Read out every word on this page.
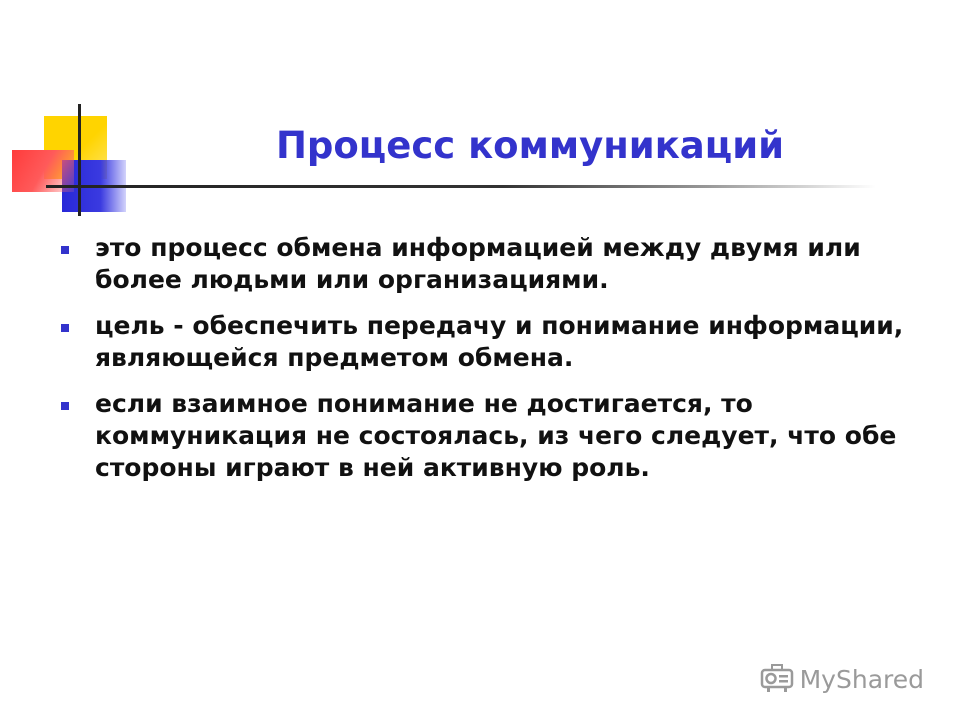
Процесс коммуникаций
это процесс обмена информацией между двумя или более людьми или организациями.
цель - обеспечить передачу и понимание информации, являющейся предметом обмена.
если взаимное понимание не достигается, то коммуникация не состоялась, из чего следует, что обе стороны играют в ней активную роль.
MyShared
